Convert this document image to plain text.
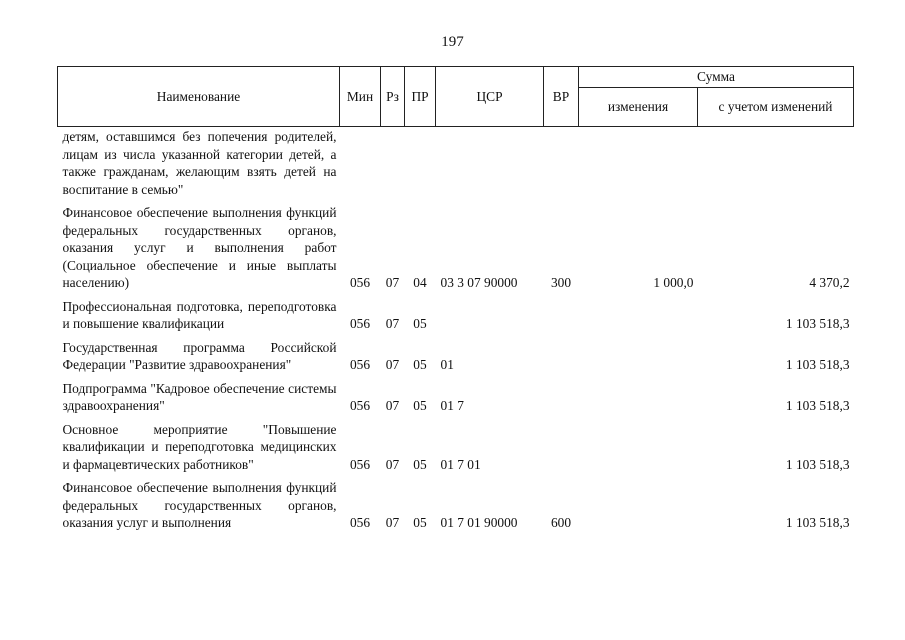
197
Наименование	Мин	Рз	ПР	ЦСР	ВР	Сумма	
						изменения	с учетом изменений
детям, оставшимся без попечения родителей, лицам из числа указанной категории детей, а также гражданам, желающим взять детей на воспитание в семью"							
Финансовое обеспечение выполнения функций федеральных государственных органов, оказания услуг и выполнения работ (Социальное обеспечение и иные выплаты населению)	056	07	04	03 3 07 90000	300	1 000,0	4 370,2
Профессиональная подготовка, переподготовка и повышение квалификации	056	07	05				1 103 518,3
Государственная программа Российской Федерации "Развитие здравоохранения"	056	07	05	01			1 103 518,3
Подпрограмма "Кадровое обеспечение системы здравоохранения"	056	07	05	01 7			1 103 518,3
Основное мероприятие "Повышение квалификации и переподготовка медицинских и фармацевтических работников"	056	07	05	01 7 01			1 103 518,3
Финансовое обеспечение выполнения функций федеральных государственных органов, оказания услуг и выполнения	056	07	05	01 7 01 90000	600		1 103 518,3
